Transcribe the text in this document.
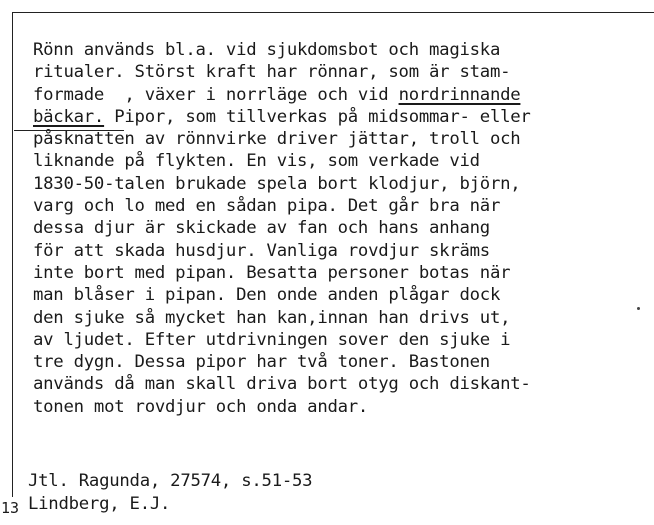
Rönn används bl.a. vid sjukdomsbot och magiska
ritualer. Störst kraft har rönnar, som är stam-
formade  , växer i norrläge och vid nordrinnande
bäckar. Pipor, som tillverkas på midsommar- eller
påsknatten av rönnvirke driver jättar, troll och
liknande på flykten. En vis, som verkade vid
1830-50-talen brukade spela bort klodjur, björn,
varg och lo med en sådan pipa. Det går bra när
dessa djur är skickade av fan och hans anhang
för att skada husdjur. Vanliga rovdjur skräms
inte bort med pipan. Besatta personer botas när
man blåser i pipan. Den onde anden plågar dock
den sjuke så mycket han kan,innan han drivs ut,
av ljudet. Efter utdrivningen sover den sjuke i
tre dygn. Dessa pipor har två toner. Bastonen
används då man skall driva bort otyg och diskant-
tonen mot rovdjur och onda andar.
Jtl. Ragunda, 27574, s.51-53
Lindberg, E.J.
13
